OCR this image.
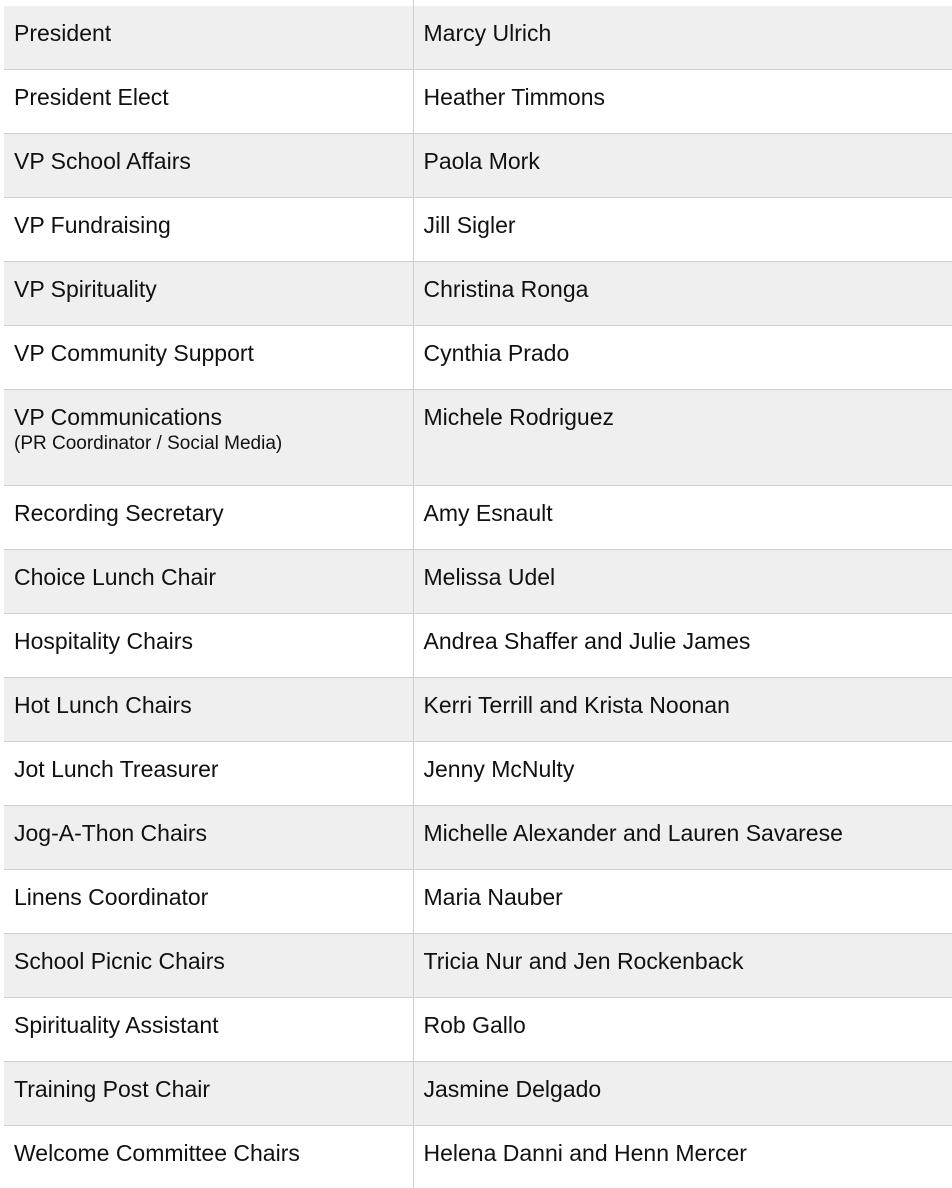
President	Marcy Ulrich

President Elect	Heather Timmons

VP School Affairs	Paola Mork

VP Fundraising	Jill Sigler

VP Spirituality	Christina Ronga

VP Community Support	Cynthia Prado

VP Communications
(PR Coordinator / Social Media)	Michele Rodriguez

Recording Secretary	Amy Esnault

Choice Lunch Chair	Melissa Udel

Hospitality Chairs	Andrea Shaffer and Julie James

Hot Lunch Chairs	Kerri Terrill and Krista Noonan

Jot Lunch Treasurer	Jenny McNulty

Jog-A-Thon Chairs	Michelle Alexander and Lauren Savarese

Linens Coordinator	Maria Nauber

School Picnic Chairs	Tricia Nur and Jen Rockenback

Spirituality Assistant	Rob Gallo

Training Post Chair	Jasmine Delgado

Welcome Committee Chairs	Helena Danni and Henn Mercer
